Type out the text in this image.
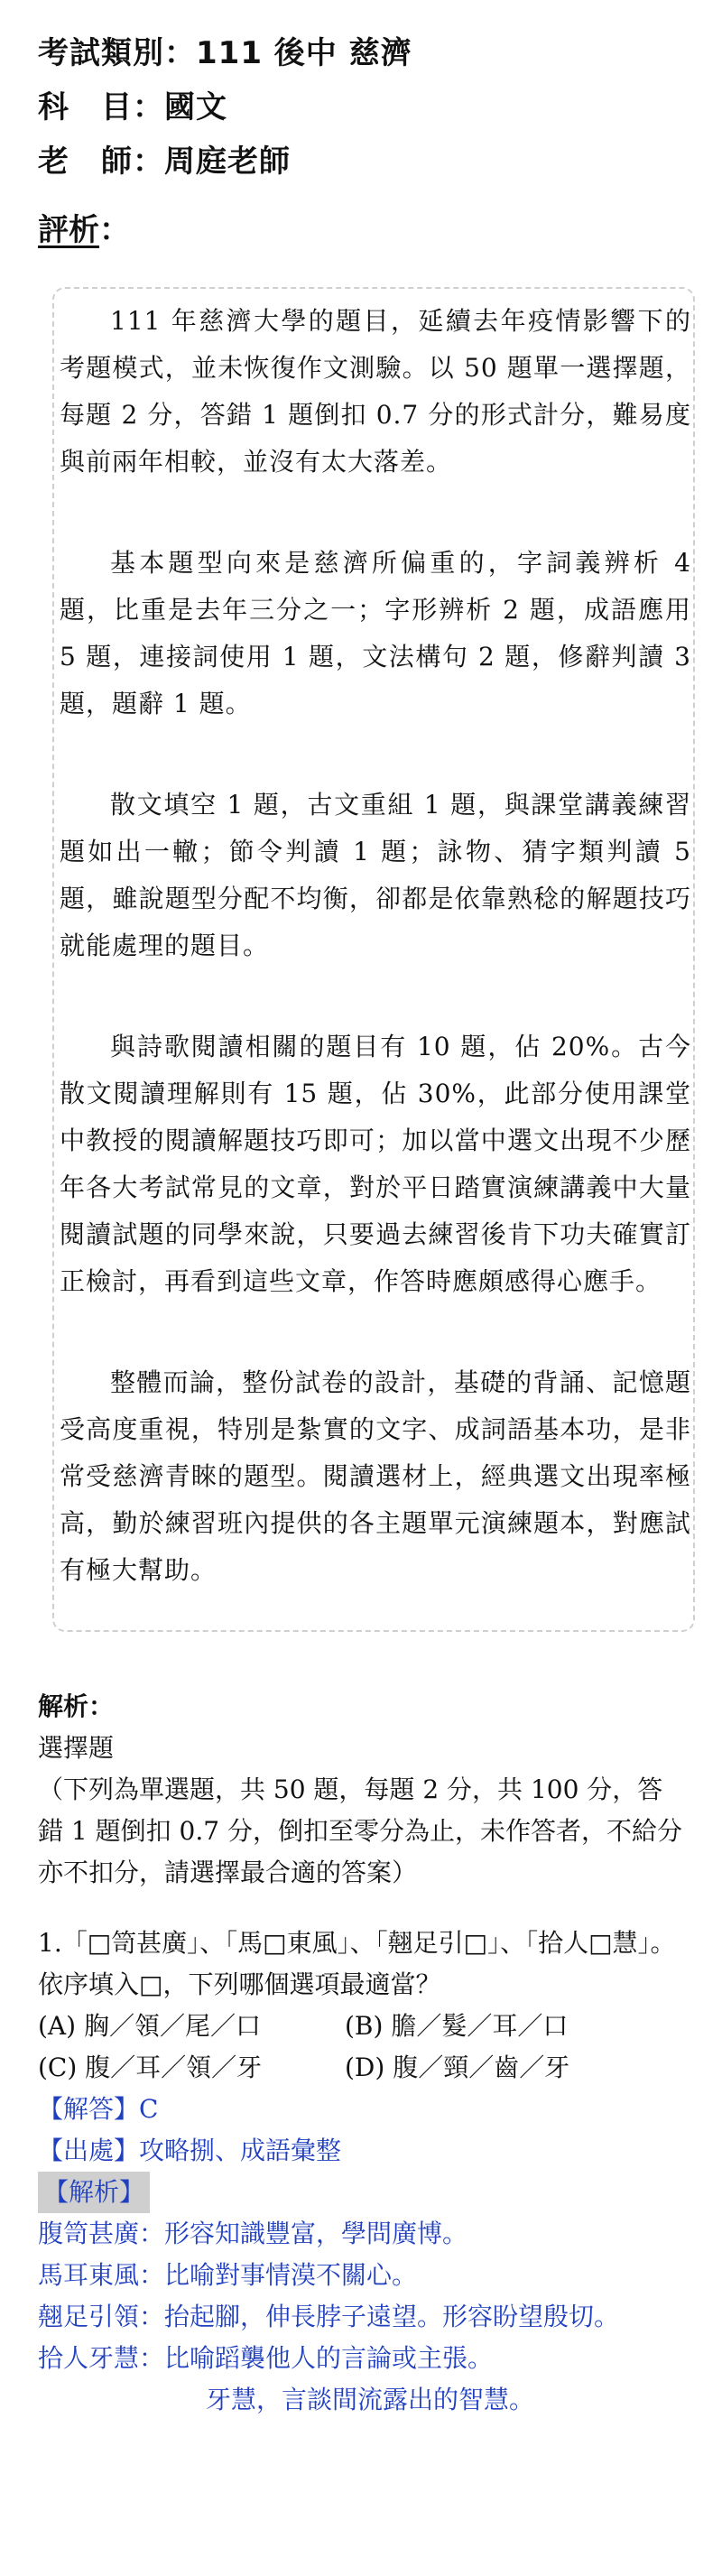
考試類別：111 後中 慈濟
科　目：國文
老　師：周庭老師
評析：

111 年慈濟大學的題目，延續去年疫情影響下的考題模式，並未恢復作文測驗。以 50 題單一選擇題，每題 2 分，答錯 1 題倒扣 0.7 分的形式計分，難易度與前兩年相較，並沒有太大落差。

基本題型向來是慈濟所偏重的，字詞義辨析 4 題，比重是去年三分之一；字形辨析 2 題，成語應用 5 題，連接詞使用 1 題，文法構句 2 題，修辭判讀 3 題，題辭 1 題。

散文填空 1 題，古文重組 1 題，與課堂講義練習題如出一轍；節令判讀 1 題；詠物、猜字類判讀 5 題，雖說題型分配不均衡，卻都是依靠熟稔的解題技巧就能處理的題目。

與詩歌閱讀相關的題目有 10 題，佔 20%。古今散文閱讀理解則有 15 題，佔 30%，此部分使用課堂中教授的閱讀解題技巧即可；加以當中選文出現不少歷年各大考試常見的文章，對於平日踏實演練講義中大量閱讀試題的同學來說，只要過去練習後肯下功夫確實訂正檢討，再看到這些文章，作答時應頗感得心應手。

整體而論，整份試卷的設計，基礎的背誦、記憶題受高度重視，特別是紮實的文字、成詞語基本功，是非常受慈濟青睞的題型。閱讀選材上，經典選文出現率極高，勤於練習班內提供的各主題單元演練題本，對應試有極大幫助。

解析：
選擇題

（下列為單選題，共 50 題，每題 2 分，共 100 分，答錯 1 題倒扣 0.7 分，倒扣至零分為止，未作答者，不給分亦不扣分，請選擇最合適的答案）

1.「□笥甚廣」、「馬□東風」、「翹足引□」、「拾人□慧」。依序填入□，下列哪個選項最適當？
(A) 胸／領／尾／口	(B) 膽／髮／耳／口
(C) 腹／耳／領／牙	(D) 腹／頸／齒／牙
【解答】C
【出處】攻略捌、成語彙整
【解析】
腹笥甚廣： 形容知識豐富，學問廣博。
馬耳東風： 比喻對事情漠不關心。
翹足引領： 抬起腳，伸長脖子遠望。形容盼望殷切。
拾人牙慧： 比喻蹈襲他人的言論或主張。
牙慧，言談間流露出的智慧。
